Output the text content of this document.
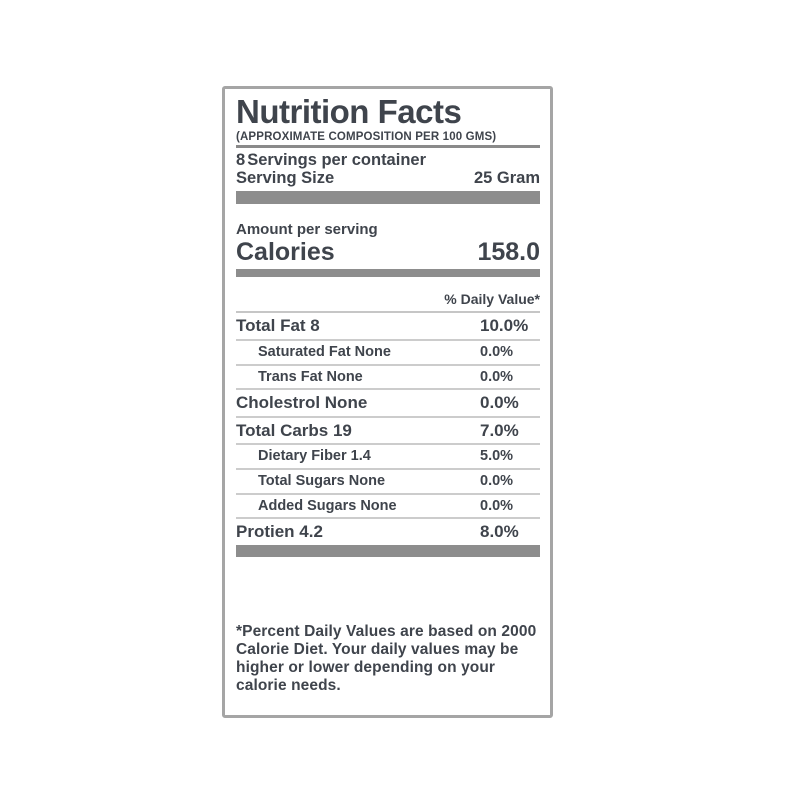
Nutrition Facts
(APPROXIMATE COMPOSITION PER 100 GMS)
8 Servings per container
Serving Size	25 Gram
Amount per serving
Calories	158.0
% Daily Value*
Total Fat 8	10.0%
Saturated Fat None	0.0%
Trans Fat None	0.0%
Cholestrol None	0.0%
Total Carbs 19	7.0%
Dietary Fiber 1.4	5.0%
Total Sugars None	0.0%
Added Sugars None	0.0%
Protien 4.2	8.0%
*Percent Daily Values are based on 2000 Calorie Diet. Your daily values may be higher or lower depending on your calorie needs.
